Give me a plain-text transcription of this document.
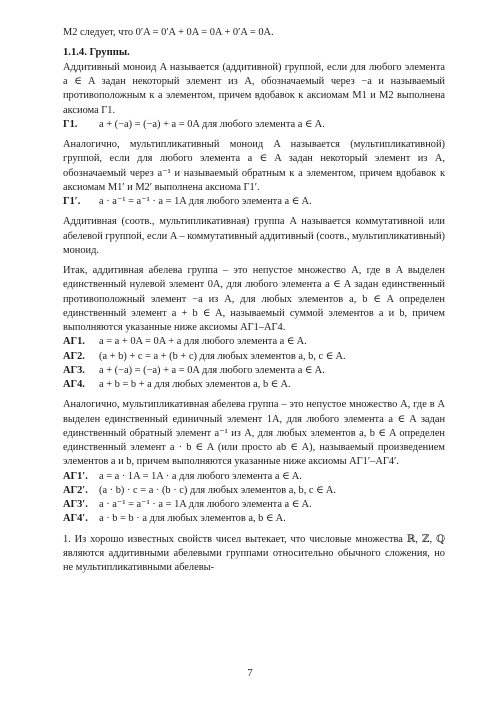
M2 следует, что 0′A = 0′A + 0A = 0A + 0′A = 0A.

1.1.4. Группы.

Аддитивный моноид A называется (аддитивной) группой, если для любого элемента a ∈ A задан некоторый элемент из A, обозначаемый через −a и называемый противоположным к a элементом, причем вдобавок к аксиомам M1 и M2 выполнена аксиома Г1.

Г1.	a + (−a) = (−a) + a = 0A для любого элемента a ∈ A.

Аналогично, мультипликативный моноид A называется (мультипликативной) группой, если для любого элемента a ∈ A задан некоторый элемент из A, обозначаемый через a⁻¹ и называемый обратным к a элементом, причем вдобавок к аксиомам M1′ и M2′ выполнена аксиома Г1′.

Г1′.	a · a⁻¹ = a⁻¹ · a = 1A для любого элемента a ∈ A.

Аддитивная (соотв., мультипликативная) группа A называется коммутативной или абелевой группой, если A – коммутативный аддитивный (соотв., мультипликативный) моноид.

Итак, аддитивная абелева группа – это непустое множество A, где в A выделен единственный нулевой элемент 0A, для любого элемента a ∈ A задан единственный противоположный элемент −a из A, для любых элементов a, b ∈ A определен единственный элемент a + b ∈ A, называемый суммой элементов a и b, причем выполняются указанные ниже аксиомы АГ1–АГ4.

АГ1.	a = a + 0A = 0A + a для любого элемента a ∈ A.
АГ2.	(a + b) + c = a + (b + c) для любых элементов a, b, c ∈ A.
АГ3.	a + (−a) = (−a) + a = 0A для любого элемента a ∈ A.
АГ4.	a + b = b + a для любых элементов a, b ∈ A.

Аналогично, мультипликативная абелева группа – это непустое множество A, где в A выделен единственный единичный элемент 1A, для любого элемента a ∈ A задан единственный обратный элемент a⁻¹ из A, для любых элементов a, b ∈ A определен единственный элемент a · b ∈ A (или просто ab ∈ A), называемый произведением элементов a и b, причем выполняются указанные ниже аксиомы АГ1′–АГ4′.

АГ1′.	a = a · 1A = 1A · a для любого элемента a ∈ A.
АГ2′.	(a · b) · c = a · (b · c) для любых элементов a, b, c ∈ A.
АГ3′.	a · a⁻¹ = a⁻¹ · a = 1A для любого элемента a ∈ A.
АГ4′.	a · b = b · a для любых элементов a, b ∈ A.

1. Из хорошо известных свойств чисел вытекает, что числовые множества ℝ, ℤ, ℚ являются аддитивными абелевыми группами относительно обычного сложения, но не мультипликативными абелевы-

7
